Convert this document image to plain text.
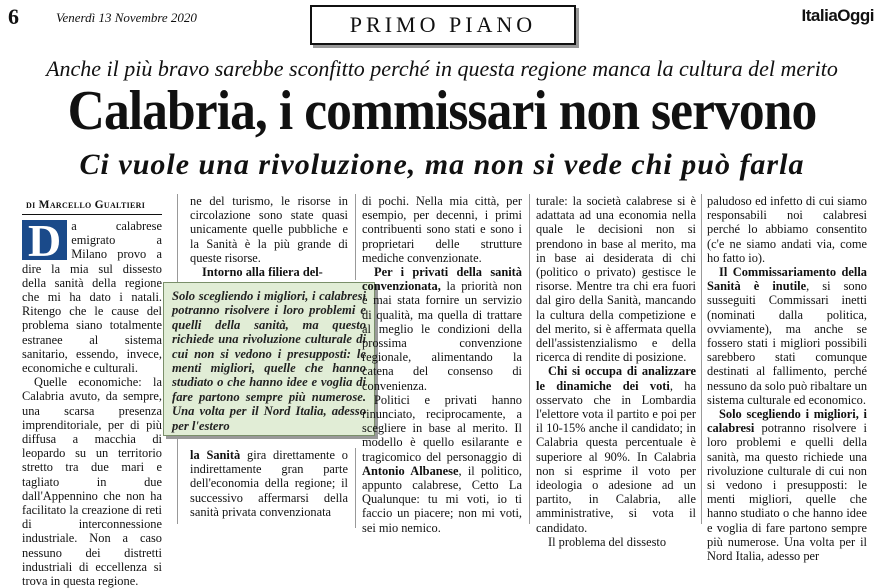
6	Venerdì 13 Novembre 2020	PRIMO PIANO	ItaliaOggi
Anche il più bravo sarebbe sconfitto perché in questa regione manca la cultura del merito
Calabria, i commissari non servono
Ci vuole una rivoluzione, ma non si vede chi può farla
di Marcello Gualtieri

D a calabrese emigrato a Milano provo a dire la mia sul dissesto della sanità della regione che mi ha dato i natali. Ritengo che le cause del problema siano totalmente estranee al sistema sanitario, essendo, invece, economiche e culturali.

Quelle economiche: la Calabria avuto, da sempre, una scarsa presenza imprenditoriale, per di più diffusa a macchia di leopardo su un territorio stretto tra due mari e tagliato in due dall'Appennino che non ha facilitato la creazione di reti di interconnessione industriale. Non a caso nessuno dei distretti industriali di eccellenza si trova in questa regione.

ne del turismo, le risorse in circolazione sono state quasi unicamente quelle pubbliche e la Sanità è la più grande di queste risorse.

Intorno alla filiera del-

Solo scegliendo i migliori, i calabresi potranno risolvere i loro problemi e quelli della sanità, ma questo richiede una rivoluzione culturale di cui non si vedono i presupposti: le menti migliori, quelle che hanno studiato o che hanno idee e voglia di fare partono sempre più numerose. Una volta per il Nord Italia, adesso per l'estero

la Sanità gira direttamente o indirettamente gran parte dell'economia della regione; il successivo affermarsi della sanità privata convenzionata

di pochi. Nella mia città, per esempio, per decenni, i primi contribuenti sono stati e sono i proprietari delle strutture mediche convenzionate.

Per i privati della sanità convenzionata, la priorità non è mai stata fornire un servizio di qualità, ma quella di trattare al meglio le condizioni della prossima convenzione regionale, alimentando la catena del consenso di convenienza.

Politici e privati hanno rinunciato, reciprocamente, a scegliere in base al merito. Il modello è quello esilarante e tragicomico del personaggio di Antonio Albanese, il politico, appunto calabrese, Cetto La Qualunque: tu mi voti, io ti faccio un piacere; non mi voti, sei mio nemico.

turale: la società calabrese si è adattata ad una economia nella quale le decisioni non si prendono in base al merito, ma in base ai desiderata di chi (politico o privato) gestisce le risorse. Mentre tra chi era fuori dal giro della Sanità, mancando la cultura della competizione e del merito, si è affermata quella dell'assistenzialismo e della ricerca di rendite di posizione.

Chi si occupa di analizzare le dinamiche dei voti, ha osservato che in Lombardia l'elettore vota il partito e poi per il 10-15% anche il candidato; in Calabria questa percentuale è superiore al 90%. In Calabria non si esprime il voto per ideologia o adesione ad un partito, in Calabria, alle amministrative, si vota il candidato.

Il problema del dissesto

paludoso ed infetto di cui siamo responsabili noi calabresi perché lo abbiamo consentito (c'e ne siamo andati via, come ho fatto io).

Il Commissariamento della Sanità è inutile, si sono susseguiti Commissari inetti (nominati dalla politica, ovviamente), ma anche se fossero stati i migliori possibili sarebbero stati comunque destinati al fallimento, perché nessuno da solo può ribaltare un sistema culturale ed economico.

Solo scegliendo i migliori, i calabresi potranno risolvere i loro problemi e quelli della sanità, ma questo richiede una rivoluzione culturale di cui non si vedono i presupposti: le menti migliori, quelle che hanno studiato o che hanno idee e voglia di fare partono sempre più numerose. Una volta per il Nord Italia, adesso per
